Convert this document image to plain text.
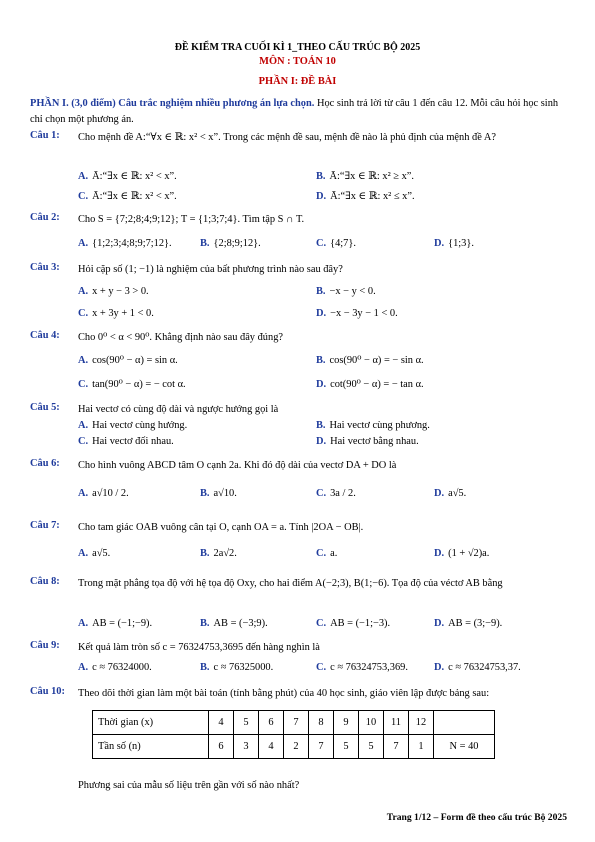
ĐỀ KIỂM TRA CUỐI KÌ 1_THEO CẤU TRÚC BỘ 2025
MÔN : TOÁN 10
PHẦN I: ĐỀ BÀI
PHẦN I. (3,0 điểm) Câu trắc nghiệm nhiều phương án lựa chọn. Học sinh trả lời từ câu 1 đến câu 12. Mỗi câu hỏi học sinh chỉ chọn một phương án.
Câu 1: Cho mệnh đề A:“∀x ∈ ℝ: x² < x”. Trong các mệnh đề sau, mệnh đề nào là phủ định của mệnh đề A?
A. Ā:“∃x ∈ ℝ: x² < x”.	B. Ā:“∃x ∈ ℝ: x² ≥ x”.
C. Ā:“∃x ∈ ℝ: x² < x”.	D. Ā:“∃x ∈ ℝ: x² ≤ x”.
Câu 2: Cho S = {7;2;8;4;9;12}; T = {1;3;7;4}. Tìm tập S ∩ T.
A. {1;2;3;4;8;9;7;12}.	B. {2;8;9;12}.	C. {4;7}.	D. {1;3}.
Câu 3: Hỏi cặp số (1; −1) là nghiệm của bất phương trình nào sau đây?
A. x + y − 3 > 0.	B. −x − y < 0.
C. x + 3y + 1 < 0.	D. −x − 3y − 1 < 0.
Câu 4: Cho 0⁰ < α < 90⁰. Khẳng định nào sau đây đúng?
A. cos(90⁰ − α) = sin α.	B. cos(90⁰ − α) = − sin α.
C. tan(90⁰ − α) = − cot α.	D. cot(90⁰ − α) = − tan α.
Câu 5: Hai vectơ có cùng độ dài và ngược hướng gọi là
A. Hai vectơ cùng hướng.	B. Hai vectơ cùng phương.
C. Hai vectơ đối nhau.	D. Hai vectơ bằng nhau.
Câu 6: Cho hình vuông ABCD tâm O cạnh 2a. Khi đó độ dài của vectơ DA + DO là
A. a√10 / 2.	B. a√10.	C. 3a / 2.	D. a√5.
Câu 7: Cho tam giác OAB vuông cân tại O, cạnh OA = a. Tính |2OA − OB|.
A. a√5.	B. 2a√2.	C. a.	D. (1 + √2)a.
Câu 8: Trong mặt phẳng tọa độ với hệ tọa độ Oxy, cho hai điểm A(−2;3), B(1;−6). Tọa độ của véctơ AB bằng
A. AB = (−1;−9).	B. AB = (−3;9).	C. AB = (−1;−3).	D. AB = (3;−9).
Câu 9: Kết quả làm tròn số c = 76324753,3695 đến hàng nghìn là
A. c ≈ 76324000.	B. c ≈ 76325000.	C. c ≈ 76324753,369.	D. c ≈ 76324753,37.
Câu 10: Theo dõi thời gian làm một bài toán (tính bằng phút) của 40 học sinh, giáo viên lập được bảng sau:
Thời gian (x)	4	5	6	7	8	9	10	11	12	
Tần số (n)	6	3	4	2	7	5	5	7	1	N = 40
Phương sai của mẫu số liệu trên gần với số nào nhất?
Trang 1/12 – Form đề theo cấu trúc Bộ 2025
